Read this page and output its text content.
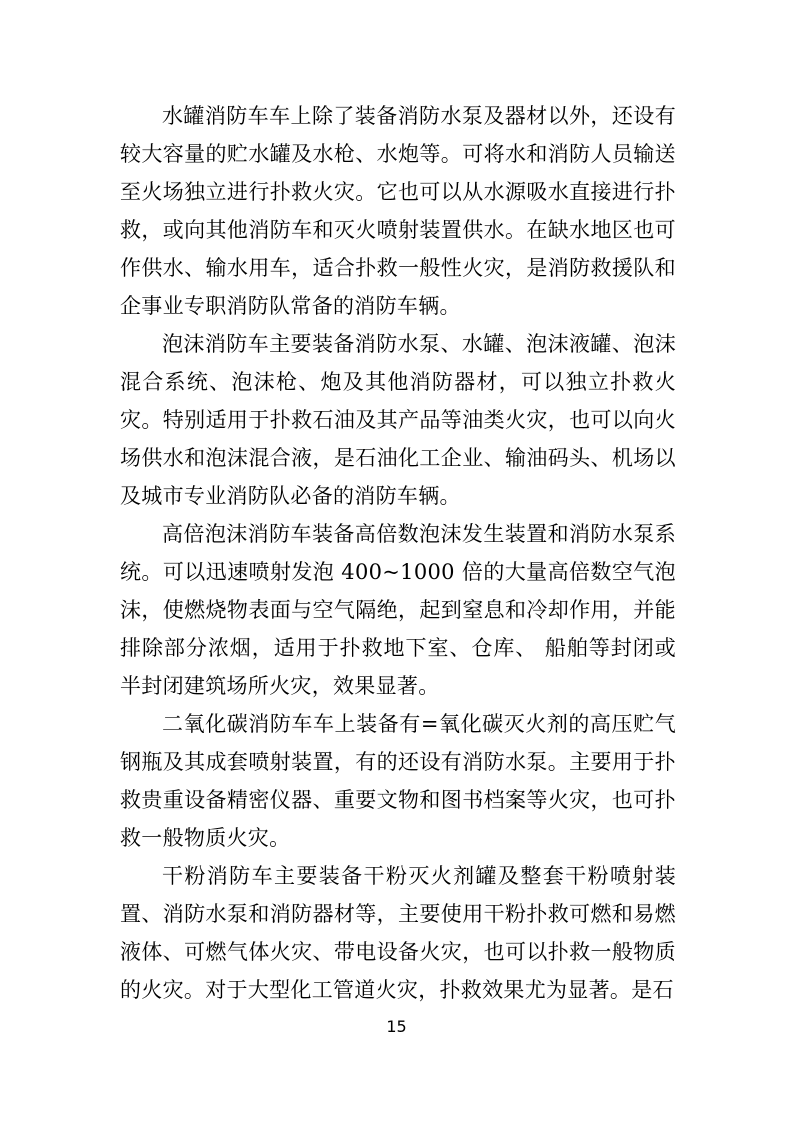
水罐消防车车上除了装备消防水泵及器材以外，还设有较大容量的贮水罐及水枪、水炮等。可将水和消防人员输送至火场独立进行扑救火灾。它也可以从水源吸水直接进行扑救，或向其他消防车和灭火喷射装置供水。在缺水地区也可作供水、输水用车，适合扑救一般性火灾，是消防救援队和企事业专职消防队常备的消防车辆。

泡沫消防车主要装备消防水泵、水罐、泡沫液罐、泡沫混合系统、泡沫枪、炮及其他消防器材，可以独立扑救火灾。特别适用于扑救石油及其产品等油类火灾，也可以向火场供水和泡沫混合液，是石油化工企业、输油码头、机场以及城市专业消防队必备的消防车辆。

高倍泡沫消防车装备高倍数泡沫发生装置和消防水泵系统。可以迅速喷射发泡 400~1000 倍的大量高倍数空气泡沫，使燃烧物表面与空气隔绝，起到窒息和冷却作用，并能排除部分浓烟，适用于扑救地下室、仓库、 船舶等封闭或半封闭建筑场所火灾，效果显著。

二氧化碳消防车车上装备有=氧化碳灭火剂的高压贮气钢瓶及其成套喷射装置，有的还设有消防水泵。主要用于扑救贵重设备精密仪器、重要文物和图书档案等火灾，也可扑救一般物质火灾。

干粉消防车主要装备干粉灭火剂罐及整套干粉喷射装置、消防水泵和消防器材等，主要使用干粉扑救可燃和易燃液体、可燃气体火灾、带电设备火灾，也可以扑救一般物质的火灾。对于大型化工管道火灾，扑救效果尤为显著。是石

15
